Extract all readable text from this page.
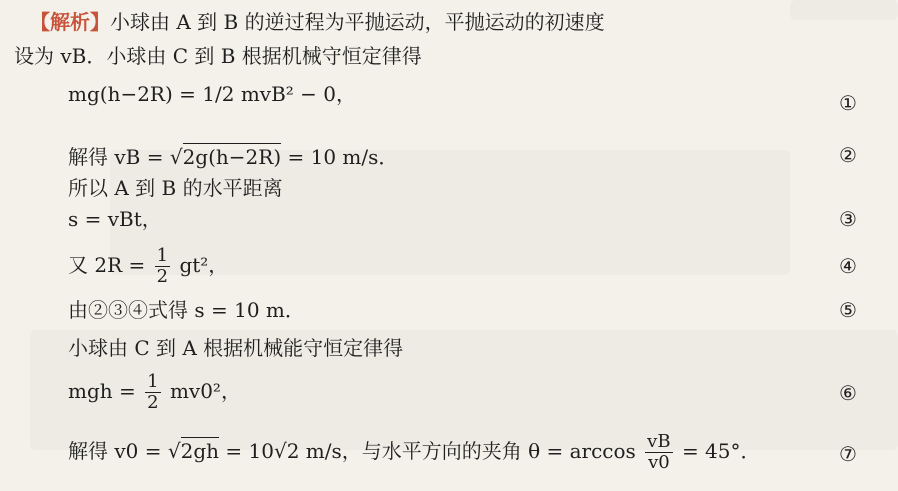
【解析】小球由 A 到 B 的逆过程为平抛运动，平抛运动的初速度
设为 vB．小球由 C 到 B 根据机械守恒定律得
mg(h−2R) = 1/2 mvB² − 0，	①
解得 vB = √2g(h−2R) = 10 m/s．	②
所以 A 到 B 的水平距离
s = vBt，	③
又 $2R = \frac{1}{2} gt^2$，	④
由②③④式得 s = 10 m．	⑤
小球由 C 到 A 根据机械能守恒定律得
mgh = $\frac{1}{2} mv0^2$，	⑥
解得 v0 = √2gh = 10√2 m/s，与水平方向的夹角 $\theta = \arccos \frac{vB}{v0} = 45^\circ$．	⑦
